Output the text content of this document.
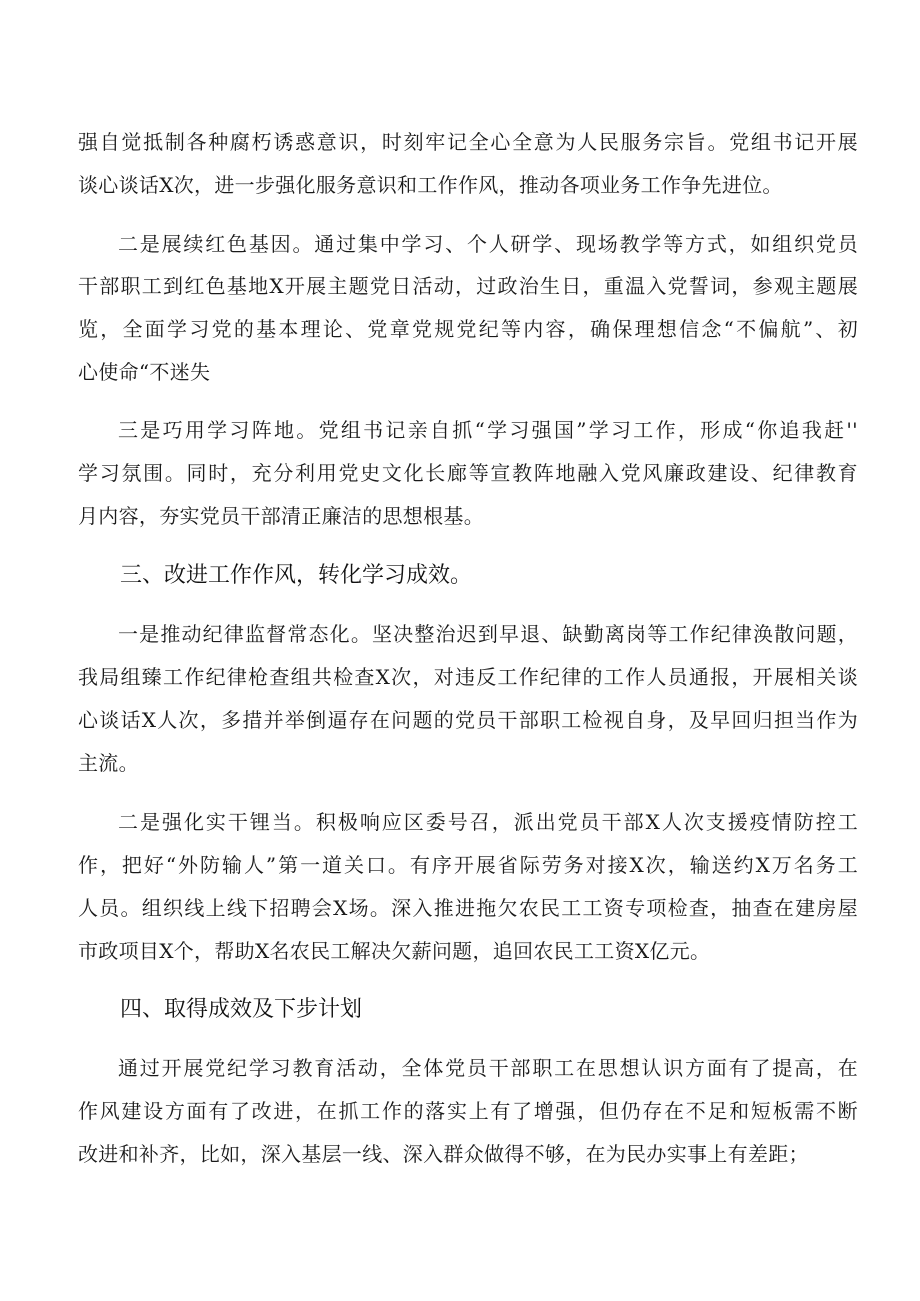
强自觉抵制各种腐朽诱惑意识，时刻牢记全心全意为人民服务宗旨。党组书记开展
谈心谈话X次，进一步强化服务意识和工作作风，推动各项业务工作争先进位。
二是展续红色基因。通过集中学习、个人研学、现场教学等方式，如组织党员
干部职工到红色基地X开展主题党日活动，过政治生日，重温入党誓词，参观主题展
览，全面学习党的基本理论、党章党规党纪等内容，确保理想信念“不偏航”、初
心使命“不迷失
三是巧用学习阵地。党组书记亲自抓“学习强国”学习工作，形成“你追我赶''
学习氛围。同时，充分利用党史文化长廊等宣教阵地融入党风廉政建设、纪律教育
月内容，夯实党员干部清正廉洁的思想根基。
三、改进工作作风，转化学习成效。
一是推动纪律监督常态化。坚决整治迟到早退、缺勤离岗等工作纪律涣散问题，
我局组臻工作纪律枪查组共检查X次，对违反工作纪律的工作人员通报，开展相关谈
心谈话X人次，多措并举倒逼存在问题的党员干部职工检视自身，及早回归担当作为
主流。
二是强化实干锂当。积极响应区委号召，派出党员干部X人次支援疫情防控工
作，把好“外防输人”第一道关口。有序开展省际劳务对接X次，输送约X万名务工
人员。组织线上线下招聘会X场。深入推进拖欠农民工工资专项检查，抽查在建房屋
市政项目X个，帮助X名农民工解决欠薪问题，追回农民工工资X亿元。
四、取得成效及下步计划
通过开展党纪学习教育活动，全体党员干部职工在思想认识方面有了提高，在
作风建设方面有了改进，在抓工作的落实上有了增强，但仍存在不足和短板需不断
改进和补齐，比如，深入基层一线、深入群众做得不够，在为民办实事上有差距；
